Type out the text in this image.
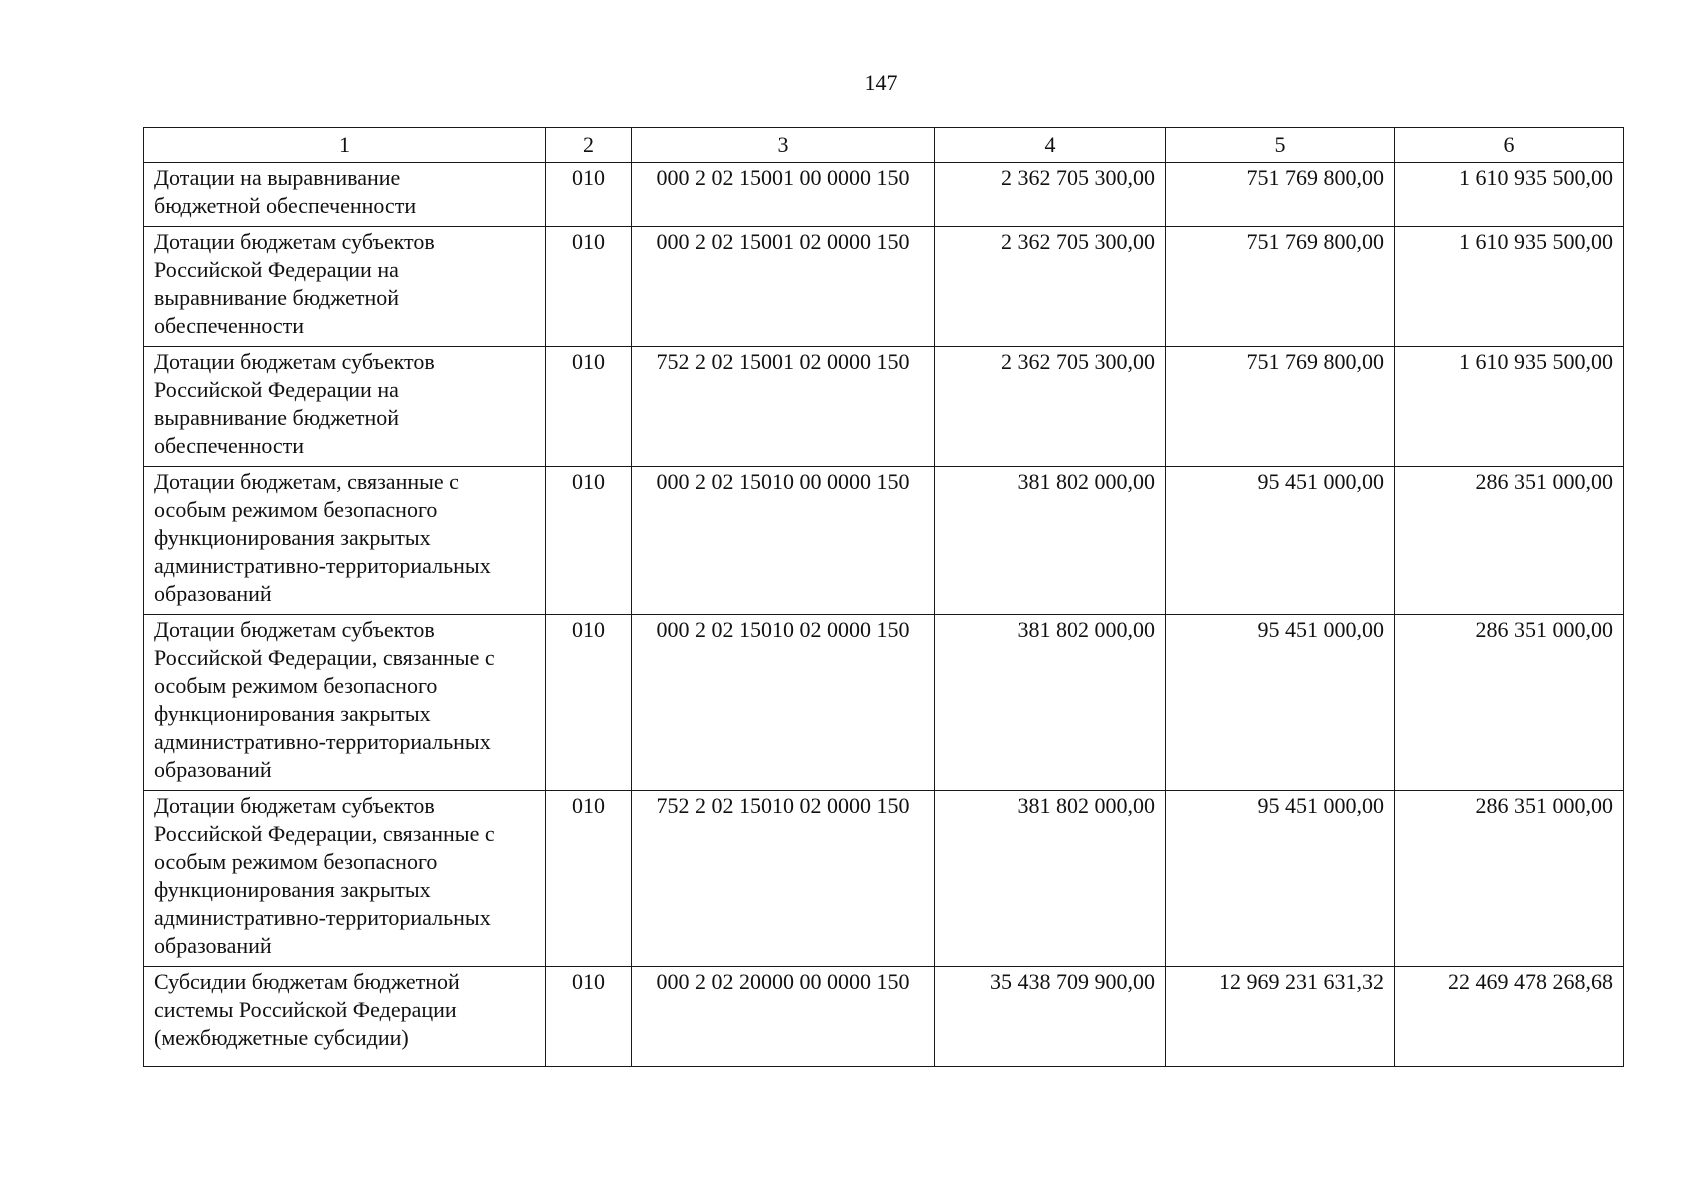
147
1	2	3	4	5	6
Дотации на выравнивание бюджетной обеспеченности	010	000 2 02 15001 00 0000 150	2 362 705 300,00	751 769 800,00	1 610 935 500,00
Дотации бюджетам субъектов Российской Федерации на выравнивание бюджетной обеспеченности	010	000 2 02 15001 02 0000 150	2 362 705 300,00	751 769 800,00	1 610 935 500,00
Дотации бюджетам субъектов Российской Федерации на выравнивание бюджетной обеспеченности	010	752 2 02 15001 02 0000 150	2 362 705 300,00	751 769 800,00	1 610 935 500,00
Дотации бюджетам, связанные с особым режимом безопасного функционирования закрытых административно-территориальных образований	010	000 2 02 15010 00 0000 150	381 802 000,00	95 451 000,00	286 351 000,00
Дотации бюджетам субъектов Российской Федерации, связанные с особым режимом безопасного функционирования закрытых административно-территориальных образований	010	000 2 02 15010 02 0000 150	381 802 000,00	95 451 000,00	286 351 000,00
Дотации бюджетам субъектов Российской Федерации, связанные с особым режимом безопасного функционирования закрытых административно-территориальных образований	010	752 2 02 15010 02 0000 150	381 802 000,00	95 451 000,00	286 351 000,00
Субсидии бюджетам бюджетной системы Российской Федерации (межбюджетные субсидии)	010	000 2 02 20000 00 0000 150	35 438 709 900,00	12 969 231 631,32	22 469 478 268,68
